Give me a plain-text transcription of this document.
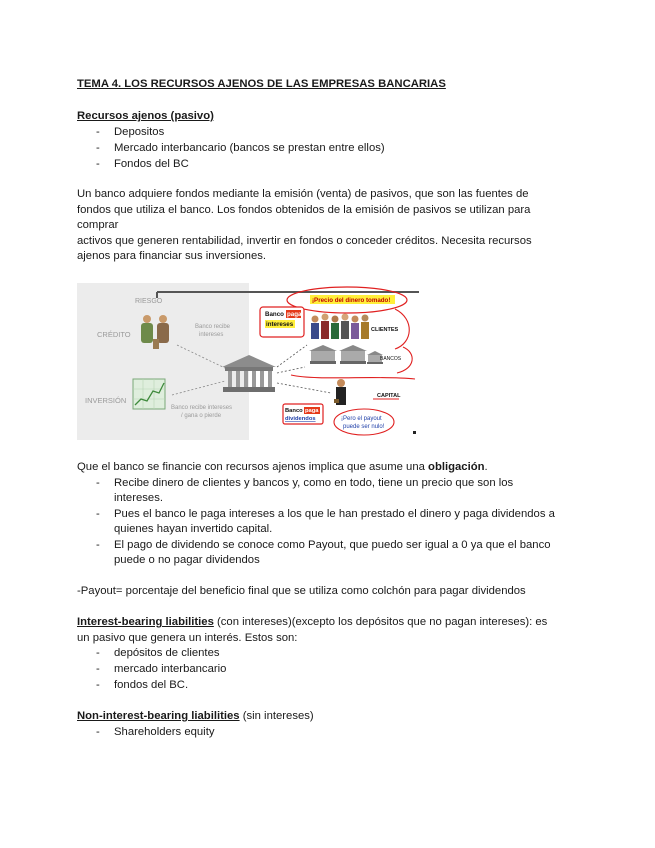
TEMA 4. LOS RECURSOS AJENOS DE LAS EMPRESAS BANCARIAS
Recursos ajenos (pasivo)
- Depositos
- Mercado interbancario (bancos se prestan entre ellos)
- Fondos del BC
Un banco adquiere fondos mediante la emisión (venta) de pasivos, que son las fuentes de
fondos que utiliza el banco. Los fondos obtenidos de la emisión de pasivos se utilizan para
comprar
activos que generen rentabilidad, invertir en fondos o conceder créditos. Necesita recursos
ajenos para financiar sus inversiones.
RIESGO
CRÉDITO
INVERSIÓN
Banco recibe
intereses
Banco recibe intereses
/ gana o pierde
¡Precio del dinero tomado!
Banco paga
intereses
CLIENTES
BANCOS
CAPITAL
Banco paga
dividendos	¡Pero el payout
puede ser nulo!
Que el banco se financie con recursos ajenos implica que asume una obligación.
- Recibe dinero de clientes y bancos y, como en todo, tiene un precio que son los
intereses.
- Pues el banco le paga intereses a los que le han prestado el dinero y paga dividendos a
quienes hayan invertido capital.
- El pago de dividendo se conoce como Payout, que puedo ser igual a 0 ya que el banco
puede o no pagar dividendos
-Payout= porcentaje del beneficio final que se utiliza como colchón para pagar dividendos
Interest-bearing liabilities (con intereses)(excepto los depósitos que no pagan intereses): es
un pasivo que genera un interés. Estos son:
- depósitos de clientes
- mercado interbancario
- fondos del BC.
Non-interest-bearing liabilities (sin intereses)
- Shareholders equity
